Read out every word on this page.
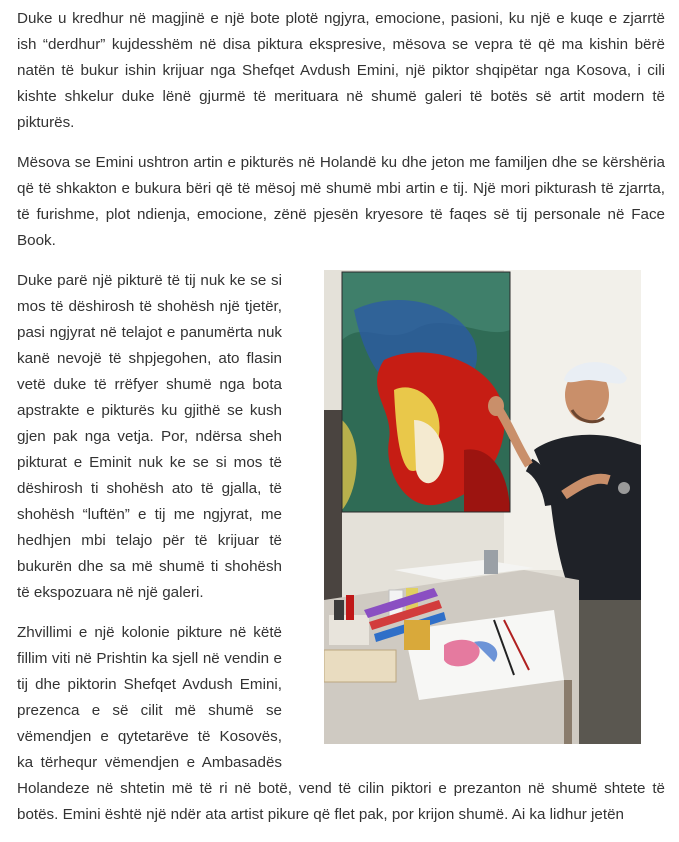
Duke u kredhur në magjinë e një bote plotë ngjyra, emocione, pasioni, ku një e kuqe e zjarrtë ish “derdhur” kujdesshëm në disa piktura ekspresive, mësova se vepra të që ma kishin bërë natën të bukur ishin krijuar nga Shefqet Avdush Emini, një piktor shqipëtar nga Kosova, i cili kishte shkelur duke lënë gjurmë të merituara në shumë galeri të botës së artit modern të pikturës.

Mësova se Emini ushtron artin e pikturës në Holandë ku dhe jeton me familjen dhe se kërshëria që të shkakton e bukura bëri që të mësoj më shumë mbi artin e tij. Një mori pikturash të zjarrta, të furishme, plot ndienja, emocione, zënë pjesën kryesore të faqes së tij personale në Face Book.

Duke parë një pikturë të tij nuk ke se si mos të dëshirosh të shohësh një tjetër, pasi ngjyrat në telajot e panumërta nuk kanë nevojë të shpjegohen, ato flasin vetë duke të rrëfyer shumë nga bota apstrakte e pikturës ku gjithë se kush gjen pak nga vetja. Por, ndërsa sheh pikturat e Eminit nuk ke se si mos të dëshirosh ti shohësh ato të gjalla, të shohësh “luftën” e tij me ngjyrat, me hedhjen mbi telajo për të krijuar të bukurën dhe sa më shumë ti shohësh të ekspozuara në një galeri.

Zhvillimi e një kolonie pikture në këtë fillim viti në Prishtin ka sjell në vendin e tij dhe piktorin Shefqet Avdush Emini, prezenca e së cilit më shumë se vëmendjen e qytetarëve të Kosovës, ka tërhequr vëmendjen e Ambasadës Holandeze në shtetin më të ri në botë, vend të cilin piktori e prezanton në shumë shtete të botës. Emini është një ndër ata artist pikure që flet pak, por krijon shumë. Ai ka lidhur jetën
